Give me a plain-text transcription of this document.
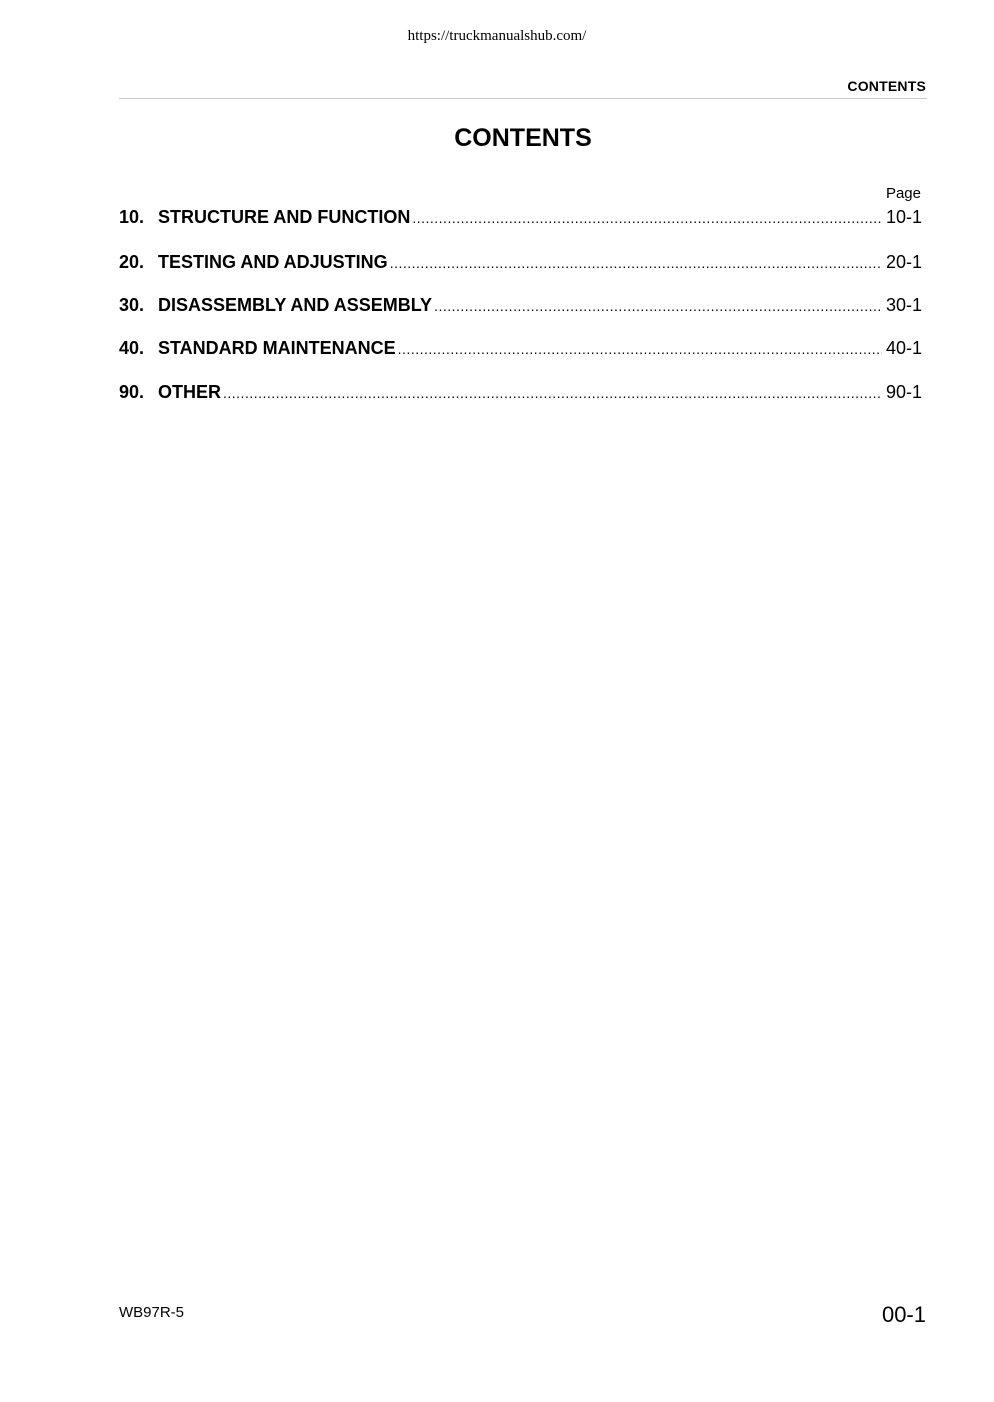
https://truckmanualshub.com/
CONTENTS
CONTENTS
Page
10. STRUCTURE AND FUNCTION .....	10-1
20. TESTING AND ADJUSTING .....	20-1
30. DISASSEMBLY AND ASSEMBLY .....	30-1
40. STANDARD MAINTENANCE .....	40-1
90. OTHER .....	90-1
WB97R-5	00-1
